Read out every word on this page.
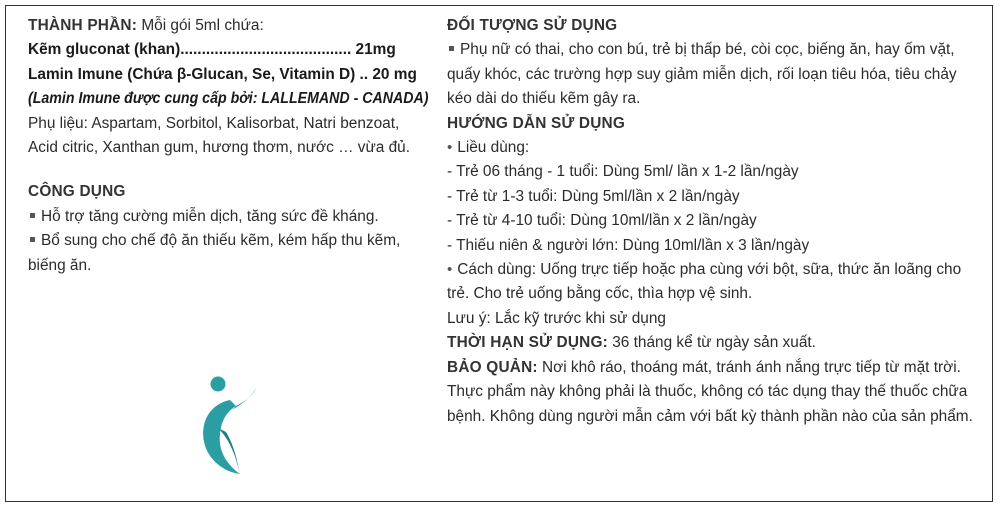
THÀNH PHẦN: Mỗi gói 5ml chứa:
Kẽm gluconat (khan)........................................ 21mg
Lamin Imune (Chứa β-Glucan, Se, Vitamin D) .. 20 mg
(Lamin Imune được cung cấp bởi: LALLEMAND - CANADA)
Phụ liệu: Aspartam, Sorbitol, Kalisorbat, Natri benzoat,
Acid citric, Xanthan gum, hương thơm, nước … vừa đủ.
CÔNG DỤNG
Hỗ trợ tăng cường miễn dịch, tăng sức đề kháng.
Bổ sung cho chế độ ăn thiếu kẽm, kém hấp thu kẽm,
biếng ăn.
ĐỐI TƯỢNG SỬ DỤNG
Phụ nữ có thai, cho con bú, trẻ bị thấp bé, còi cọc, biếng ăn, hay ốm vặt,
quấy khóc, các trường hợp suy giảm miễn dịch, rối loạn tiêu hóa, tiêu chảy
kéo dài do thiếu kẽm gây ra.
HƯỚNG DẪN SỬ DỤNG
• Liều dùng:
- Trẻ 06 tháng - 1 tuổi: Dùng 5ml/ lần x 1-2 lần/ngày
- Trẻ từ 1-3 tuổi: Dùng 5ml/lần x 2 lần/ngày
- Trẻ từ 4-10 tuổi: Dùng 10ml/lần x 2 lần/ngày
- Thiếu niên & người lớn: Dùng 10ml/lần x 3 lần/ngày
• Cách dùng: Uống trực tiếp hoặc pha cùng với bột, sữa, thức ăn loãng cho
trẻ. Cho trẻ uống bằng cốc, thìa hợp vệ sinh.
Lưu ý: Lắc kỹ trước khi sử dụng
THỜI HẠN SỬ DỤNG: 36 tháng kể từ ngày sản xuất.
BẢO QUẢN: Nơi khô ráo, thoáng mát, tránh ánh nắng trực tiếp từ mặt trời.
Thực phẩm này không phải là thuốc, không có tác dụng thay thế thuốc chữa
bệnh. Không dùng người mẫn cảm với bất kỳ thành phần nào của sản phẩm.
